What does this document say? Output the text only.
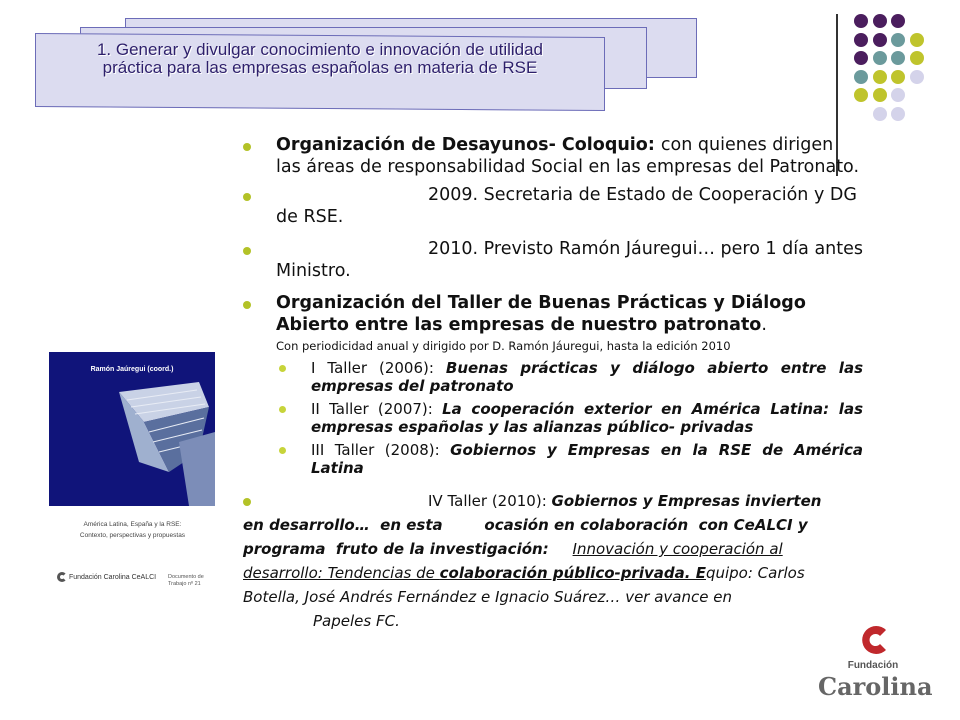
1. Generar y divulgar conocimiento e innovación de utilidad
práctica para las empresas españolas en materia de RSE
Ramón Jaúregui (coord.)
América Latina, España y la RSE:
Contexto, perspectivas y propuestas
Fundación Carolina CeALCI Documento de
Trabajo nº 21
Organización de Desayunos- Coloquio: con quienes dirigen las áreas de responsabilidad Social en las empresas del Patronato.
2009. Secretaria de Estado de Cooperación y DG de RSE.
2010. Previsto Ramón Jáuregui… pero 1 día antes Ministro.
Organización del Taller de Buenas Prácticas y Diálogo Abierto entre las empresas de nuestro patronato.
Con periodicidad anual y dirigido por D. Ramón Jáuregui, hasta la edición 2010
I Taller (2006): Buenas prácticas y diálogo abierto entre las empresas del patronato
II Taller (2007): La cooperación exterior en América Latina: las empresas españolas y las alianzas público- privadas
III Taller (2008): Gobiernos y Empresas en la RSE de América Latina
IV Taller (2010): Gobiernos y Empresas invierten
en desarrollo…  en esta        ocasión en colaboración  con CeALCI y
programa  fruto de la investigación: Innovación y cooperación al
desarrollo: Tendencias de colaboración público-privada. Equipo: Carlos
Botella, José Andrés Fernández e Ignacio Suárez… ver avance en
Papeles FC.
Fundación
Carolina
